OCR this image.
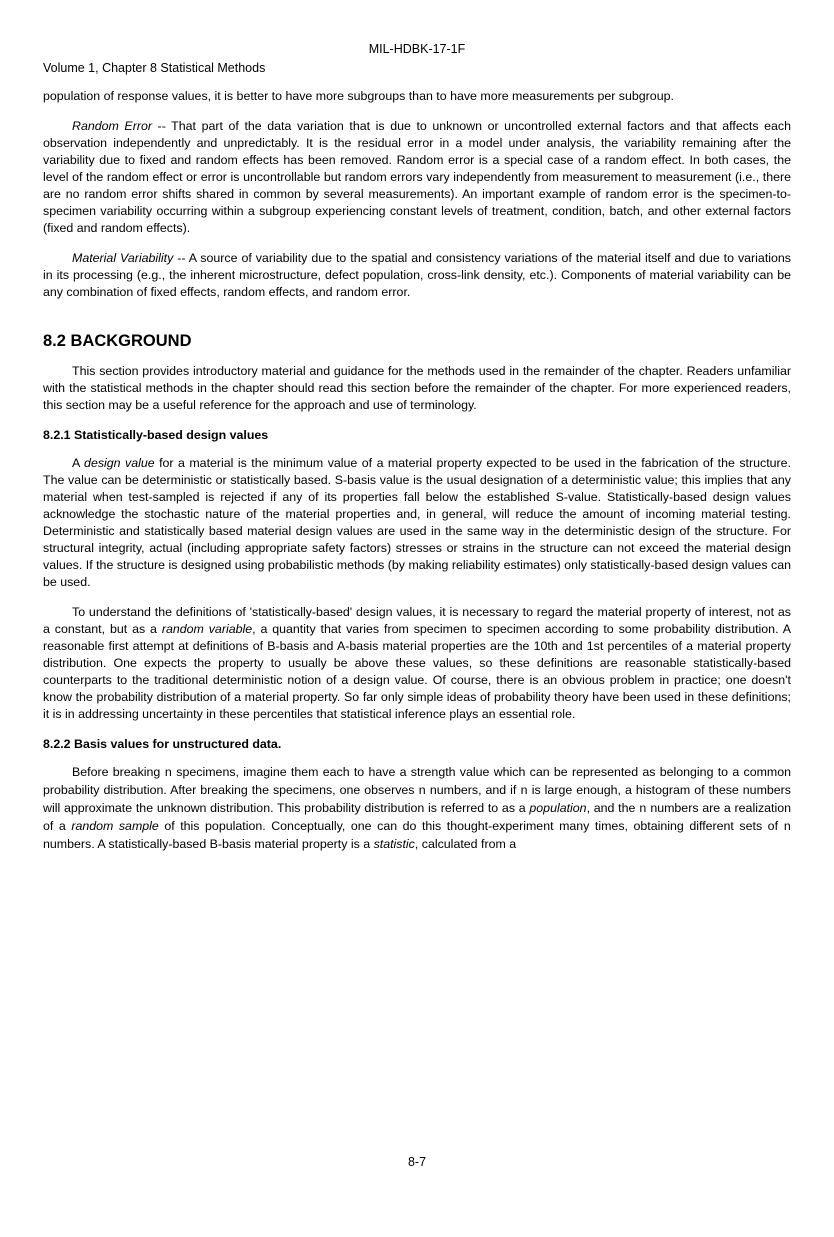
MIL-HDBK-17-1F
Volume 1, Chapter 8 Statistical Methods

population of response values, it is better to have more subgroups than to have more measurements per subgroup.

Random Error -- That part of the data variation that is due to unknown or uncontrolled external factors and that affects each observation independently and unpredictably. It is the residual error in a model under analysis, the variability remaining after the variability due to fixed and random effects has been removed. Random error is a special case of a random effect. In both cases, the level of the random effect or error is uncontrollable but random errors vary independently from measurement to measurement (i.e., there are no random error shifts shared in common by several measurements). An important example of random error is the specimen-to-specimen variability occurring within a subgroup experiencing constant levels of treatment, condition, batch, and other external factors (fixed and random effects).

Material Variability -- A source of variability due to the spatial and consistency variations of the material itself and due to variations in its processing (e.g., the inherent microstructure, defect population, cross-link density, etc.). Components of material variability can be any combination of fixed effects, random effects, and random error.

8.2 BACKGROUND

This section provides introductory material and guidance for the methods used in the remainder of the chapter. Readers unfamiliar with the statistical methods in the chapter should read this section before the remainder of the chapter. For more experienced readers, this section may be a useful reference for the approach and use of terminology.

8.2.1 Statistically-based design values

A design value for a material is the minimum value of a material property expected to be used in the fabrication of the structure. The value can be deterministic or statistically based. S-basis value is the usual designation of a deterministic value; this implies that any material when test-sampled is rejected if any of its properties fall below the established S-value. Statistically-based design values acknowledge the stochastic nature of the material properties and, in general, will reduce the amount of incoming material testing. Deterministic and statistically based material design values are used in the same way in the deterministic design of the structure. For structural integrity, actual (including appropriate safety factors) stresses or strains in the structure can not exceed the material design values. If the structure is designed using probabilistic methods (by making reliability estimates) only statistically-based design values can be used.

To understand the definitions of 'statistically-based' design values, it is necessary to regard the material property of interest, not as a constant, but as a random variable, a quantity that varies from specimen to specimen according to some probability distribution. A reasonable first attempt at definitions of B-basis and A-basis material properties are the 10th and 1st percentiles of a material property distribution. One expects the property to usually be above these values, so these definitions are reasonable statistically-based counterparts to the traditional deterministic notion of a design value. Of course, there is an obvious problem in practice; one doesn't know the probability distribution of a material property. So far only simple ideas of probability theory have been used in these definitions; it is in addressing uncertainty in these percentiles that statistical inference plays an essential role.

8.2.2 Basis values for unstructured data.

Before breaking n specimens, imagine them each to have a strength value which can be represented as belonging to a common probability distribution. After breaking the specimens, one observes n numbers, and if n is large enough, a histogram of these numbers will approximate the unknown distribution. This probability distribution is referred to as a population, and the n numbers are a realization of a random sample of this population. Conceptually, one can do this thought-experiment many times, obtaining different sets of n numbers. A statistically-based B-basis material property is a statistic, calculated from a

8-7
